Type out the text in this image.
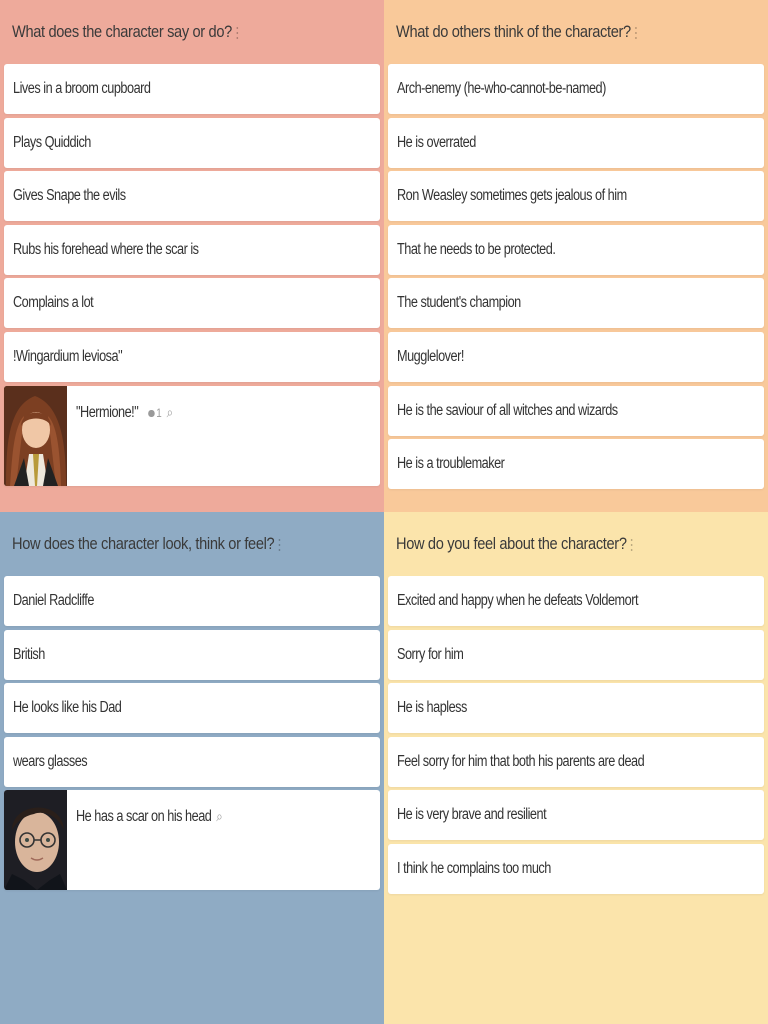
What does the character say or do?
Lives in a broom cupboard
Plays Quiddich
Gives Snape the evils
Rubs his forehead where the scar is
Complains a lot
!Wingardium leviosa"
"Hermione!" 1 ⌕
What do others think of the character?
Arch-enemy (he-who-cannot-be-named)
He is overrated
Ron Weasley sometimes gets jealous of him
That he needs to be protected.
The student's champion
Mugglelover!
He is the saviour of all witches and wizards
He is a troublemaker
How does the character look, think or feel?
Daniel Radcliffe
British
He looks like his Dad
wears glasses
He has a scar on his head ⌕
How do you feel about the character?
Excited and happy when he defeats Voldemort
Sorry for him
He is hapless
Feel sorry for him that both his parents are dead
He is very brave and resilient
I think he complains too much
